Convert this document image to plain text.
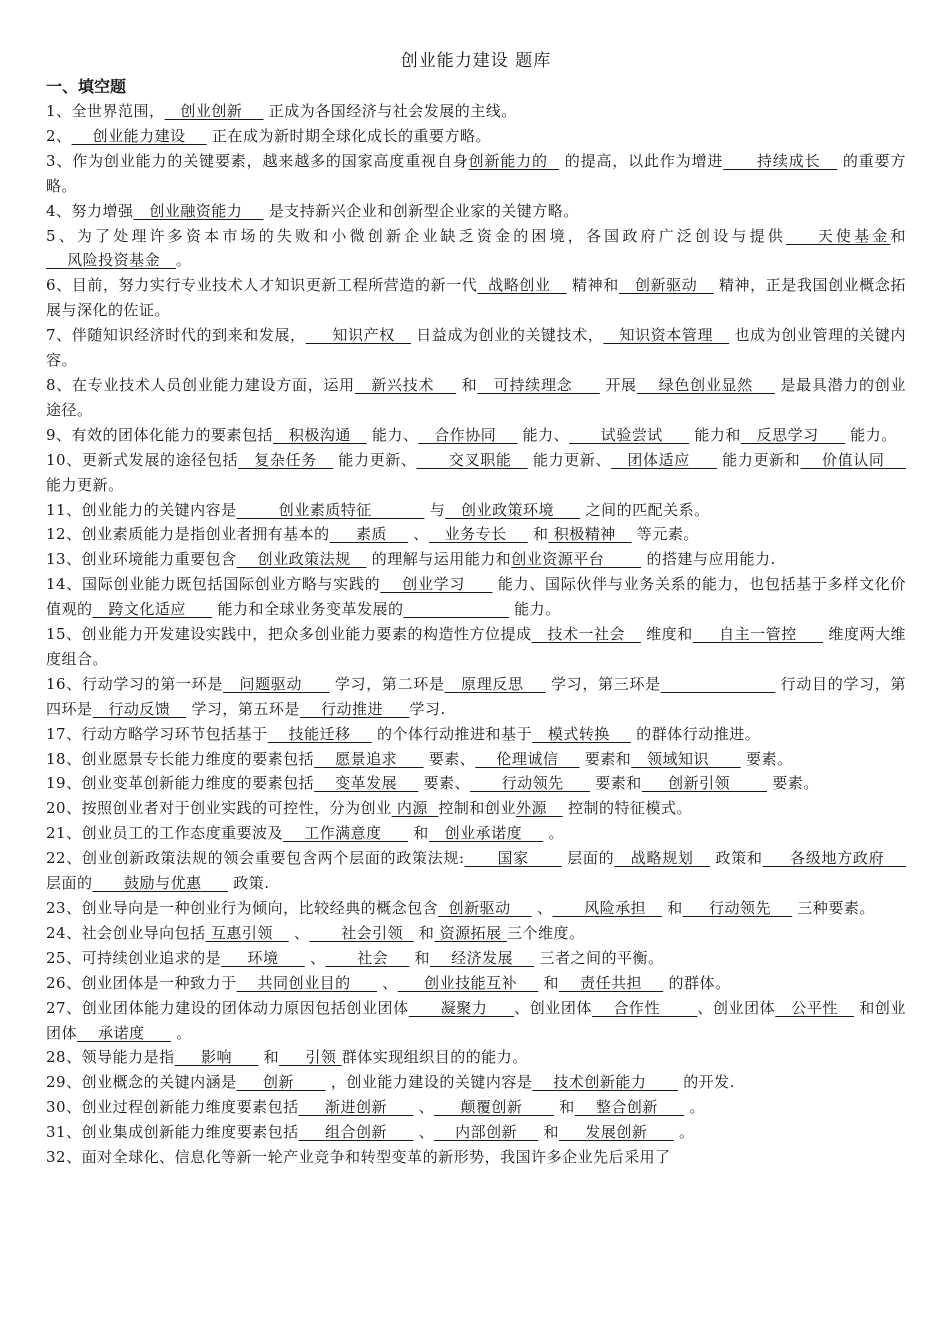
创业能力建设 题库
一、填空题

1、全世界范围，   创业创新     正成为各国经济与社会发展的主线。

2、    创业能力建设     正在成为新时期全球化成长的重要方略。

3、作为创业能力的关键要素，越来越多的国家高度重视自身创新能力的   的提高，以此作为增进      持续成长    的重要方略。

4、努力增强   创业融资能力     是支持新兴企业和创新型企业家的关键方略。

5、为了处理许多资本市场的失败和小微创新企业缺乏资金的困境，各国政府广泛创设与提供    天使基金和    风险投资基金   。

6、目前，努力实行专业技术人才知识更新工程所营造的新一代  战略创业    精神和   创新驱动    精神，正是我国创业概念拓展与深化的佐证。

7、伴随知识经济时代的到来和发展，     知识产权    日益成为创业的关键技术，   知识资本管理    也成为创业管理的关键内容。

8、在专业技术人员创业能力建设方面，运用   新兴技术     和   可持续理念      开展    绿色创业显然     是最具潜力的创业途径。

9、有效的团体化能力的要素包括   积极沟通    能力、   合作协同     能力、      试验尝试      能力和   反思学习      能力。

10、更新式发展的途径包括   复杂任务    能力更新、      交叉职能    能力更新、   团体适应      能力更新和    价值认同     能力更新。

11、创业能力的关键内容是        创业素质特征           与   创业政策环境      之间的匹配关系。

12、创业素质能力是指创业者拥有基本的     素质     、   业务专长     和 积极精神    等元素。

13、创业环境能力重要包含    创业政策法规    的理解与运用能力和创业资源平台        的搭建与应用能力.

14、国际创业能力既包括国际创业方略与实践的    创业学习      能力、国际伙伴与业务关系的能力，也包括基于多样文化价值观的   跨文化适应      能力和全球业务变革发展的	能力。

15、创业能力开发建设实践中，把众多创业能力要素的构造性方位提成   技术一社会    维度和     自主一管控      维度两大维度组合。

16、行动学习的第一环是   问题驱动      学习，第二环是   原理反思     学习，第三环是	行动目的学习，第四环是   行动反馈    学习，第五环是    行动推进     学习.

17、行动方略学习环节包括基于    技能迁移     的个体行动推进和基于   模式转换     的群体行动推进。

18、创业愿景专长能力维度的要素包括    愿景追求      要素、    伦理诚信     要素和   领域知识       要素。

19、创业变革创新能力维度的要素包括    变革发展     要素、      行动领先      要素和     创新引领        要素。

20、按照创业者对于创业实践的可控性，分为创业 内源  控制和创业外源    控制的特征模式。

21、创业员工的工作态度重要波及    工作满意度      和   创业承诺度     。

22、创业创新政策法规的领会重要包含两个层面的政策法规:      国家       层面的   战略规划    政策和     各级地方政府     层面的      鼓励与优惠      政策.

23、创业导向是一种创业行为倾向，比较经典的概念包含  创新驱动     、      风险承担    和     行动领先     三种要素。

24、社会创业导向包括 互惠引领    、      社会引领   和 资源拓展 三个维度。

25、可持续创业追求的是     环境      、      社会     和    经济发展     三者之间的平衡。

26、创业团体是一种致力于    共同创业目的      、     创业技能互补     和    责任共担     的群体。

27、创业团体能力建设的团体动力原因包括创业团体      凝聚力     、创业团体    合作性       、创业团体   公平性    和创业团体    承诺度      。

28、领导能力是指     影响      和     引领 群体实现组织目的的能力。

29、创业概念的关键内涵是     创新       ，创业能力建设的关键内容是    技术创新能力       的开发.

30、创业过程创新能力维度要素包括     渐进创新      、     颠覆创新       和    整合创新      。

31、创业集成创新能力维度要素包括     组合创新      、    内部创新     和     发展创新      。

32、面对全球化、信息化等新一轮产业竞争和转型变革的新形势，我国许多企业先后采用了
